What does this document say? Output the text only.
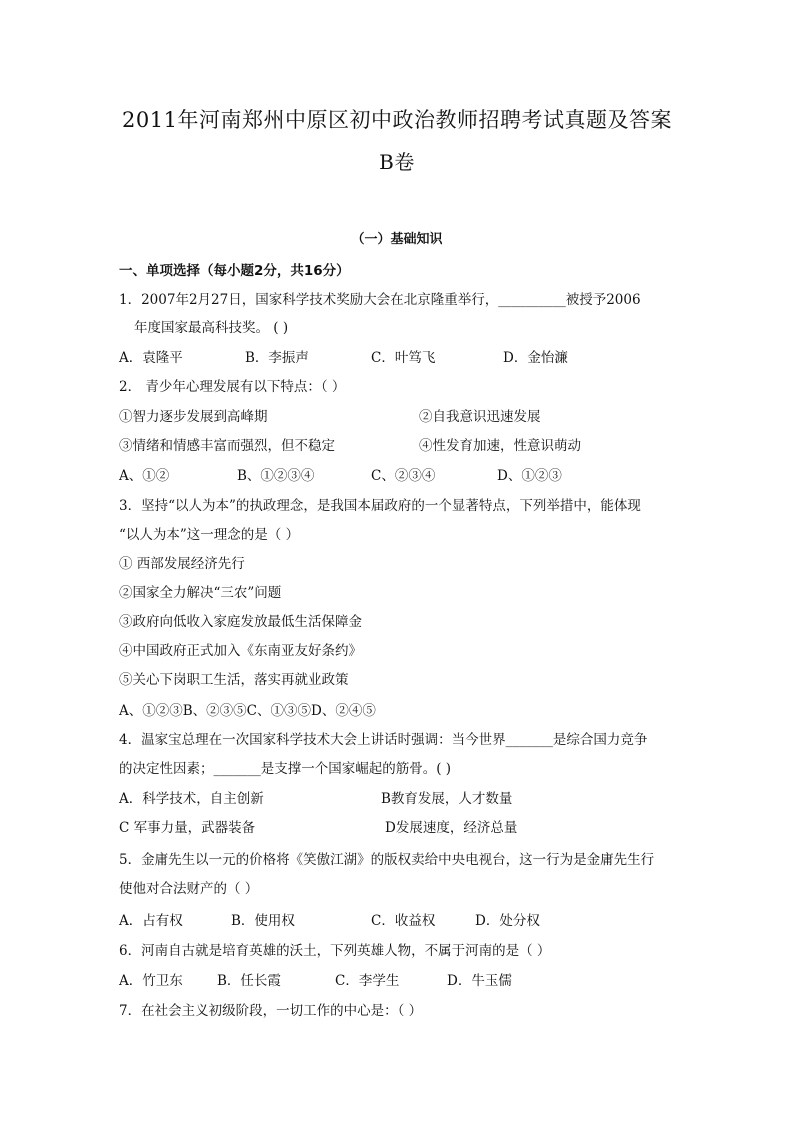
2011年河南郑州中原区初中政治教师招聘考试真题及答案
B卷
（一）基础知识
一、单项选择（每小题2分，共16分）
1．2007年2月27日，国家科学技术奖励大会在北京隆重举行，__________被授予2006
年度国家最高科技奖。 ( )
A．袁隆平	B．李振声	C．叶笃飞	D．金怡濂
2． 青少年心理发展有以下特点：（ ）
①智力逐步发展到高峰期	②自我意识迅速发展
③情绪和情感丰富而强烈，但不稳定	④性发育加速，性意识萌动
A、①②	B、①②③④	C、②③④	D、①②③
3．坚持“以人为本”的执政理念，是我国本届政府的一个显著特点，下列举措中，能体现
“以人为本”这一理念的是（ ）
① 西部发展经济先行
②国家全力解决“三农”问题
③政府向低收入家庭发放最低生活保障金
④中国政府正式加入《东南亚友好条约》
⑤关心下岗职工生活，落实再就业政策
A、①②③B、②③⑤C、①③⑤D、②④⑤
4．温家宝总理在一次国家科学技术大会上讲话时强调：当今世界_______是综合国力竞争
的决定性因素；_______是支撑一个国家崛起的筋骨。( )
A．科学技术，自主创新	B教育发展，人才数量
C 军事力量，武器装备	D发展速度，经济总量
5．金庸先生以一元的价格将《笑傲江湖》的版权卖给中央电视台，这一行为是金庸先生行
使他对合法财产的（ ）
A．占有权	B．使用权	C．收益权	D．处分权
6．河南自古就是培育英雄的沃土，下列英雄人物，不属于河南的是（ ）
A．竹卫东	B．任长霞	C．李学生	D．牛玉儒
7．在社会主义初级阶段，一切工作的中心是：（ ）
